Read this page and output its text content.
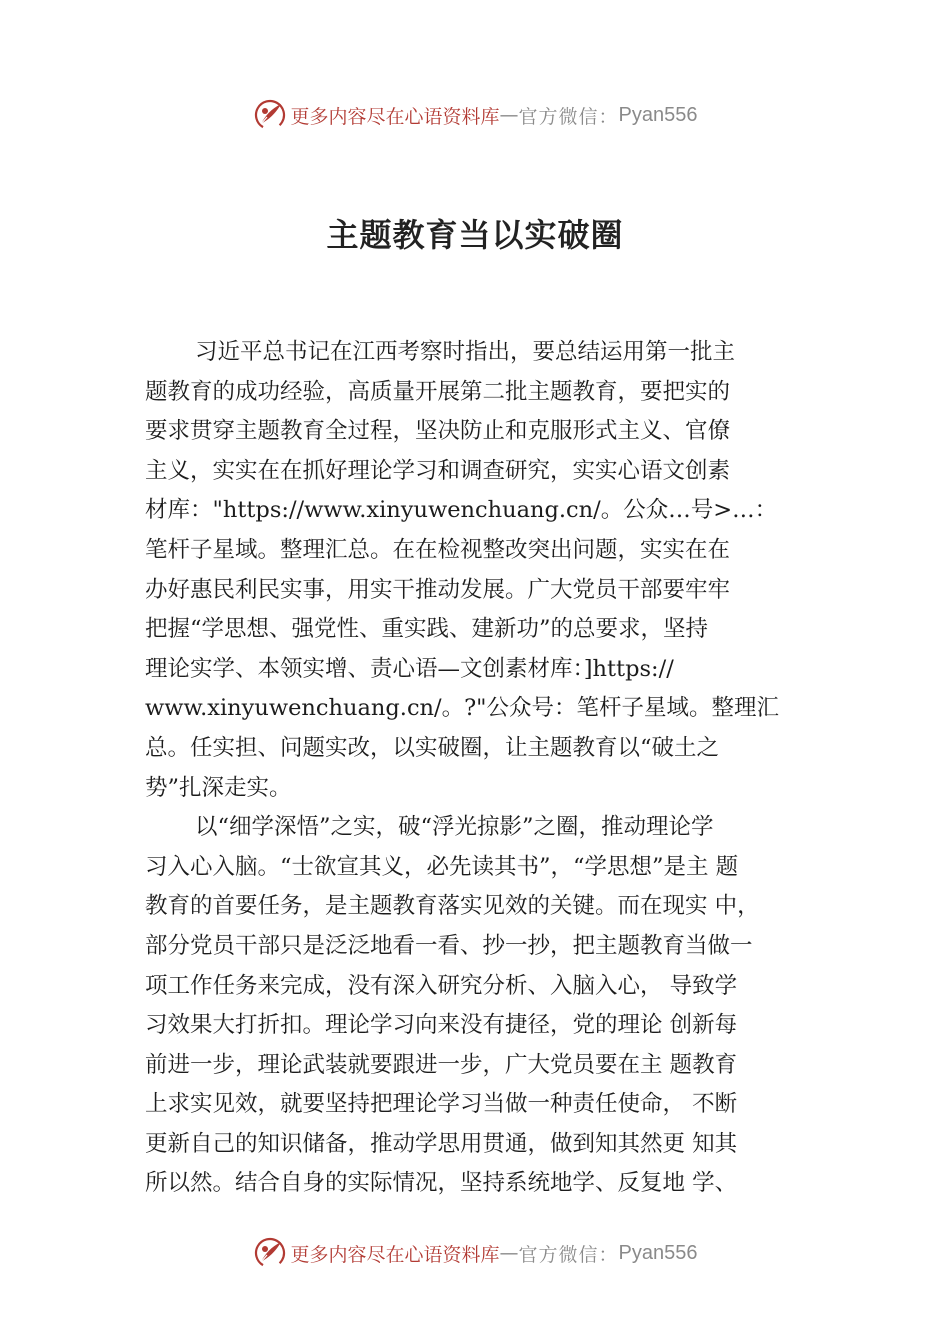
更多内容尽在心语资料库 — 官方微信： Pyan556
主题教育当以实破圈
习近平总书记在江西考察时指出，要总结运用第一批主
题教育的成功经验，高质量开展第二批主题教育，要把实的
要求贯穿主题教育全过程，坚决防止和克服形式主义、官僚
主义，实实在在抓好理论学习和调查研究，实实心语文创素
材库："https://www.xinyuwenchuang.cn/。公众…号>…：
笔杆子星域。整理汇总。在在检视整改突出问题，实实在在
办好惠民利民实事，用实干推动发展。广大党员干部要牢牢
把握“学思想、强党性、重实践、建新功”的总要求，坚持
理论实学、本领实增、责心语—文创素材库：]https://
www.xinyuwenchuang.cn/。?"公众号：笔杆子星域。整理汇
总。任实担、问题实改，以实破圈，让主题教育以“破土之
势”扎深走实。
以“细学深悟”之实，破“浮光掠影”之圈，推动理论学
习入心入脑。“士欲宣其义，必先读其书”，“学思想”是主 题
教育的首要任务，是主题教育落实见效的关键。而在现实 中，
部分党员干部只是泛泛地看一看、抄一抄，把主题教育当做一
项工作任务来完成，没有深入研究分析、入脑入心， 导致学
习效果大打折扣。理论学习向来没有捷径，党的理论 创新每
前进一步，理论武装就要跟进一步，广大党员要在主 题教育
上求实见效，就要坚持把理论学习当做一种责任使命， 不断
更新自己的知识储备，推动学思用贯通，做到知其然更 知其
所以然。结合自身的实际情况，坚持系统地学、反复地 学、
更多内容尽在心语资料库 — 官方微信： Pyan556
